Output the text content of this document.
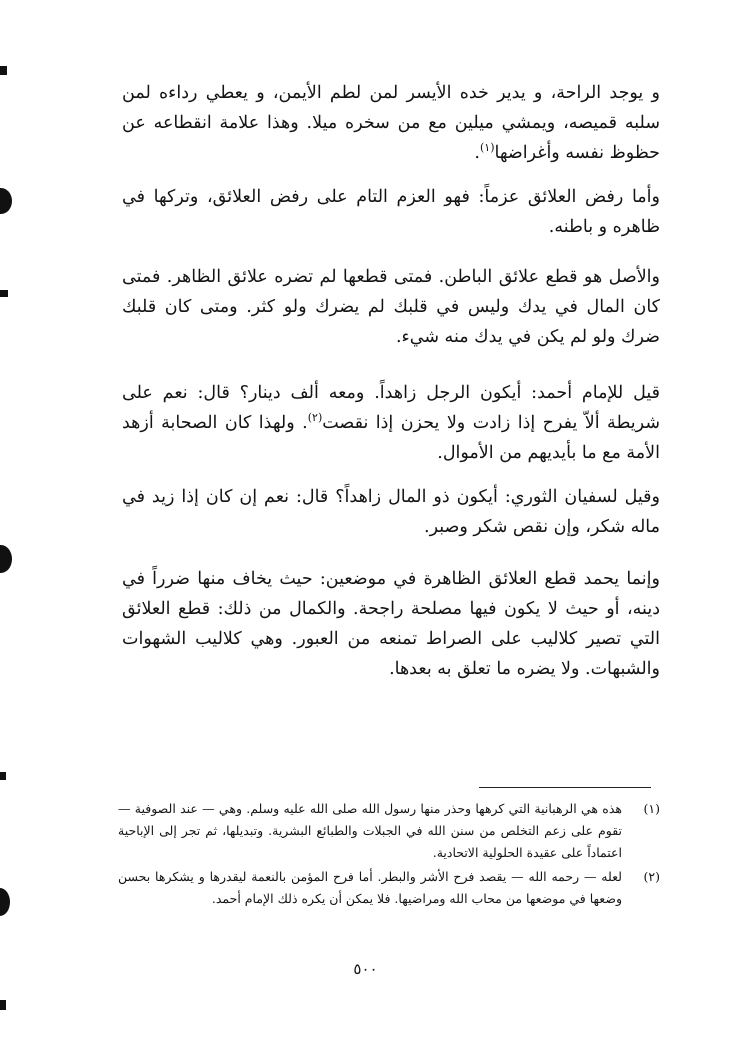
و يوجد الراحة، و يدير خده الأيسر لمن لطم الأيمن، و يعطي رداءه لمن سلبه قميصه، ويمشي ميلين مع من سخره ميلا. وهذا علامة انقطاعه عن حظوظ نفسه وأغراضها$^{(١)}$.

وأما رفض العلائق عزماً: فهو العزم التام على رفض العلائق، وتركها في ظاهره و باطنه.

والأصل هو قطع علائق الباطن. فمتى قطعها لم تضره علائق الظاهر. فمتى كان المال في يدك وليس في قلبك لم يضرك ولو كثر. ومتى كان قلبك ضرك ولو لم يكن في يدك منه شيء.

قيل للإمام أحمد: أيكون الرجل زاهداً. ومعه ألف دينار؟ قال: نعم على شريطة ألاّ يفرح إذا زادت ولا يحزن إذا نقصت$^{(٢)}$. ولهذا كان الصحابة أزهد الأمة مع ما بأيديهم من الأموال.

وقيل لسفيان الثوري: أيكون ذو المال زاهداً؟ قال: نعم إن كان إذا زيد في ماله شكر، وإن نقص شكر وصبر.

وإنما يحمد قطع العلائق الظاهرة في موضعين: حيث يخاف منها ضرراً في دينه، أو حيث لا يكون فيها مصلحة راجحة. والكمال من ذلك: قطع العلائق التي تصير كلاليب على الصراط تمنعه من العبور. وهي كلاليب الشهوات والشبهات. ولا يضره ما تعلق به بعدها.

(١)
هذه هي الرهبانية التي كرهها وحذر منها رسول الله صلى الله عليه وسلم. وهي — عند الصوفية — تقوم على زعم التخلص من سنن الله في الجبلات والطبائع البشرية. وتبديلها، ثم تجر إلى الإباحية اعتماداً على عقيدة الحلولية الاتحادية.
(٢)
لعله — رحمه الله — يقصد فرح الأشر والبطر. أما فرح المؤمن بالنعمة ليقدرها و يشكرها بحسن وضعها في موضعها من محاب الله ومراضيها. فلا يمكن أن يكره ذلك الإمام أحمد.
٥٠٠
